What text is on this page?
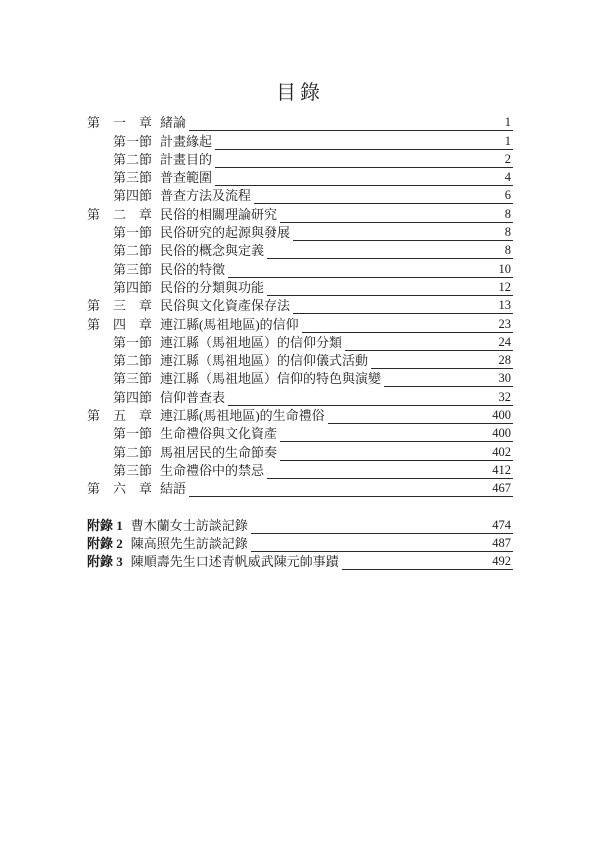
目錄
第　一　章 緒論	1
第一節 計畫緣起	1
第二節 計畫目的	2
第三節 普查範圍	4
第四節 普查方法及流程	6
第　二　章 民俗的相關理論研究	8
第一節 民俗研究的起源與發展	8
第二節 民俗的概念與定義	8
第三節 民俗的特徵	10
第四節 民俗的分類與功能	12
第　三　章 民俗與文化資產保存法	13
第　四　章 連江縣(馬祖地區)的信仰	23
第一節 連江縣（馬祖地區）的信仰分類	24
第二節 連江縣（馬祖地區）的信仰儀式活動	28
第三節 連江縣（馬祖地區）信仰的特色與演變	30
第四節 信仰普查表	32
第　五　章 連江縣(馬祖地區)的生命禮俗	400
第一節 生命禮俗與文化資產	400
第二節 馬祖居民的生命節奏	402
第三節 生命禮俗中的禁忌	412
第　六　章 結語	467
附錄 1 曹木蘭女士訪談記錄	474
附錄 2 陳高照先生訪談記錄	487
附錄 3 陳順壽先生口述青帆威武陳元帥事蹟	492
